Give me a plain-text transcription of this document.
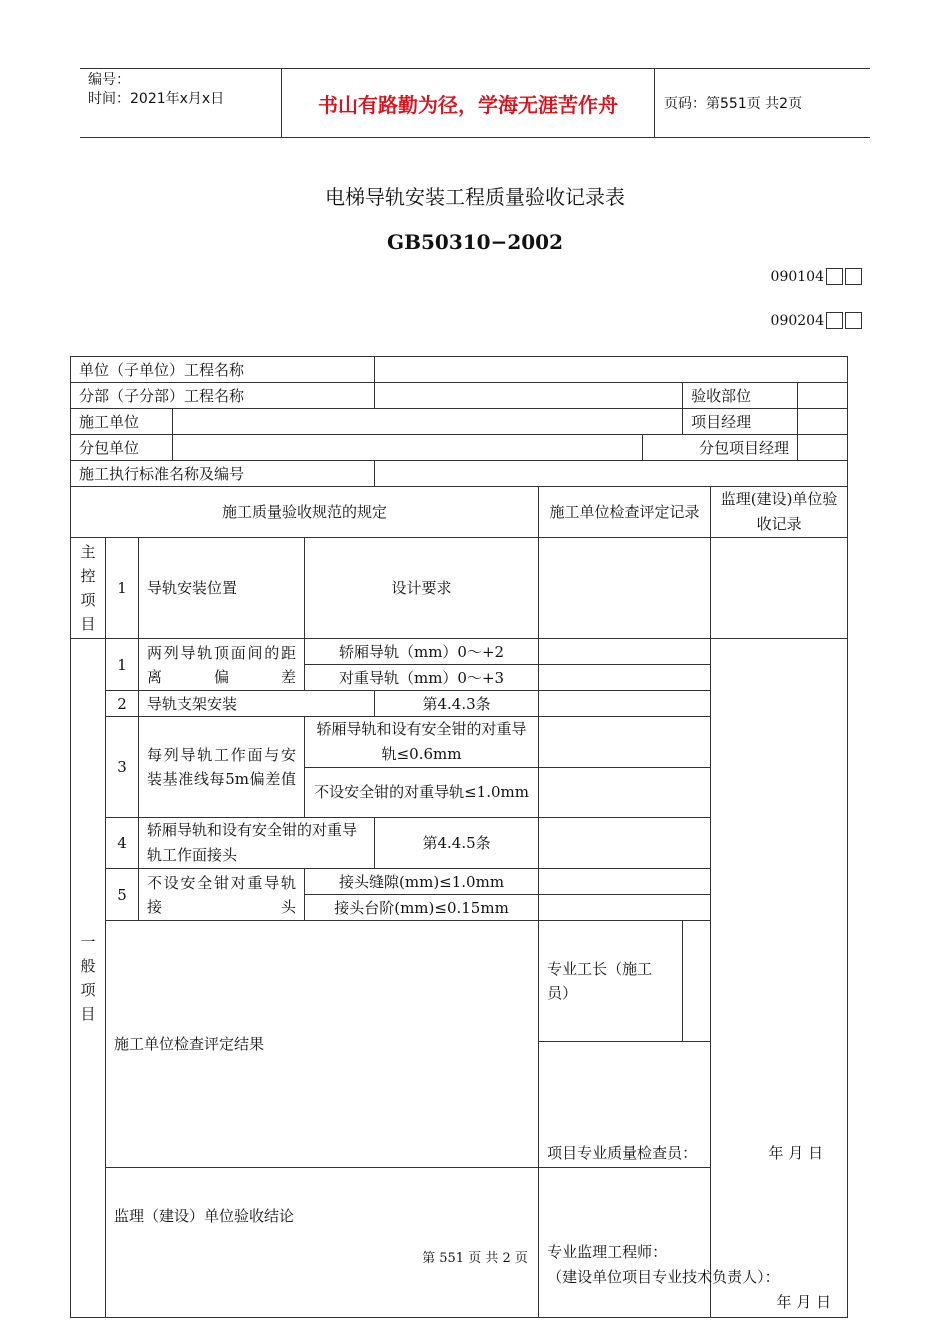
编号：
时间：2021年x月x日	书山有路勤为径，学海无涯苦作舟	页码：第551页 共2页
电梯导轨安装工程质量验收记录表
GB50310−2002
090104
090204
单位（子单位）工程名称											
分部（子分部）工程名称								验收部位			
施工单位								项目经理			
分包单位							分包项目经理				
施工执行标准名称及编号											
施工质量验收规范的规定						施工单位检查评定记录			监理(建设)单位验收记录		

主
控
项
目	1	导轨安装位置		设计要求							

一
般
项
目	1	两列导轨顶面间的距离偏差		轿厢导轨（mm）0～+2							
				对重导轨（mm）0～+3							
	2	导轨支架安装			第4.4.3条						
	3	每列导轨工作面与安装基准线每5m偏差值		轿厢导轨和设有安全钳的对重导轨≤0.6mm							
				不设安全钳的对重导轨≤1.0mm							
	4	轿厢导轨和设有安全钳的对重导轨工作面接头			第4.4.5条						
	5	不设安全钳对重导轨接头		接头缝隙(mm)≤1.0mm							
				接头台阶(mm)≤0.15mm							
	施工单位检查评定结果					专业工长（施工员）			
						项目专业质量检查员： 年 月 日					

	监理（建设）单位验收结论					专业监理工程师：
（建设单位项目专业技术负责人）：
年 月 日					
第 551 页 共 2 页
